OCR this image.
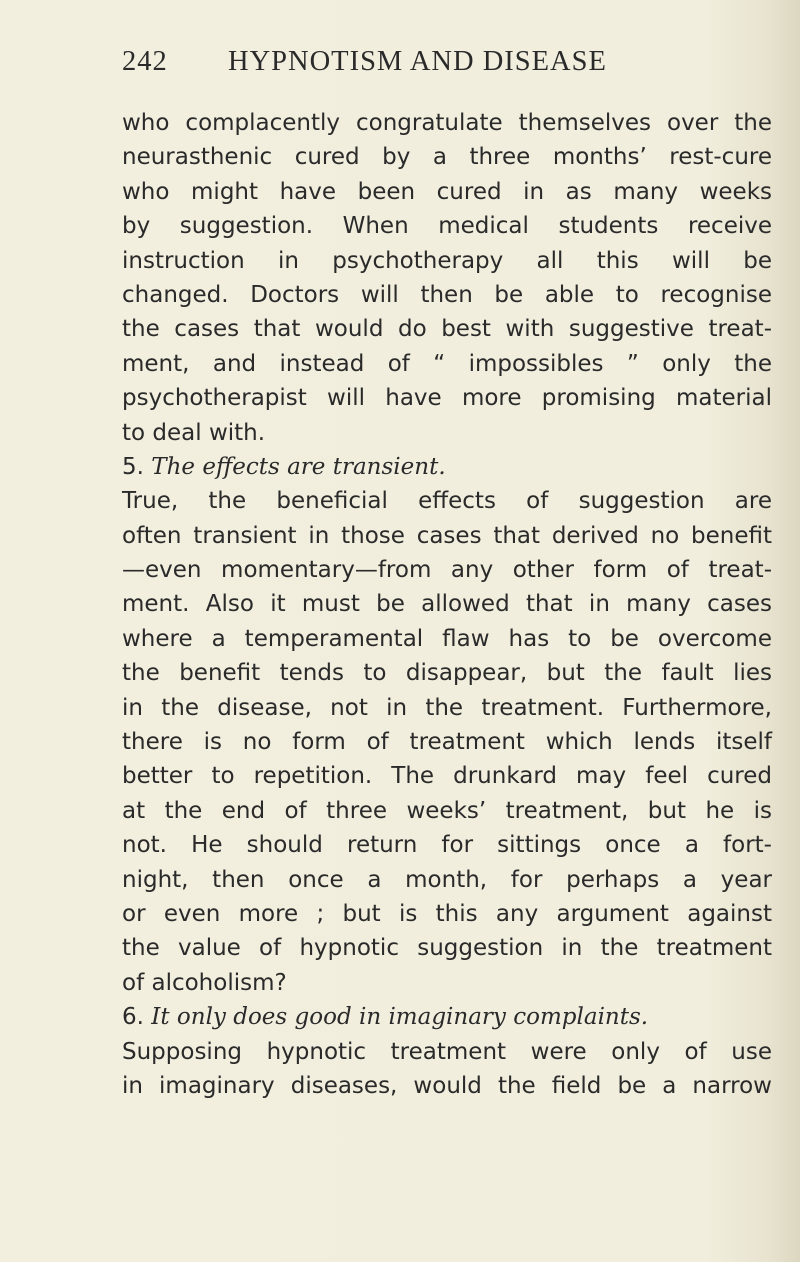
242 HYPNOTISM AND DISEASE
who complacently congratulate themselves over the
neurasthenic cured by a three months’ rest-cure
who might have been cured in as many weeks
by suggestion. When medical students receive
instruction in psychotherapy all this will be
changed. Doctors will then be able to recognise
the cases that would do best with suggestive treat-
ment, and instead of “ impossibles ” only the
psychotherapist will have more promising material
to deal with.
5. The effects are transient.
True, the beneficial effects of suggestion are
often transient in those cases that derived no benefit
—even momentary—from any other form of treat-
ment. Also it must be allowed that in many cases
where a temperamental flaw has to be overcome
the benefit tends to disappear, but the fault lies
in the disease, not in the treatment. Furthermore,
there is no form of treatment which lends itself
better to repetition. The drunkard may feel cured
at the end of three weeks’ treatment, but he is
not. He should return for sittings once a fort-
night, then once a month, for perhaps a year
or even more ; but is this any argument against
the value of hypnotic suggestion in the treatment
of alcoholism?
6. It only does good in imaginary complaints.
Supposing hypnotic treatment were only of use
in imaginary diseases, would the field be a narrow
